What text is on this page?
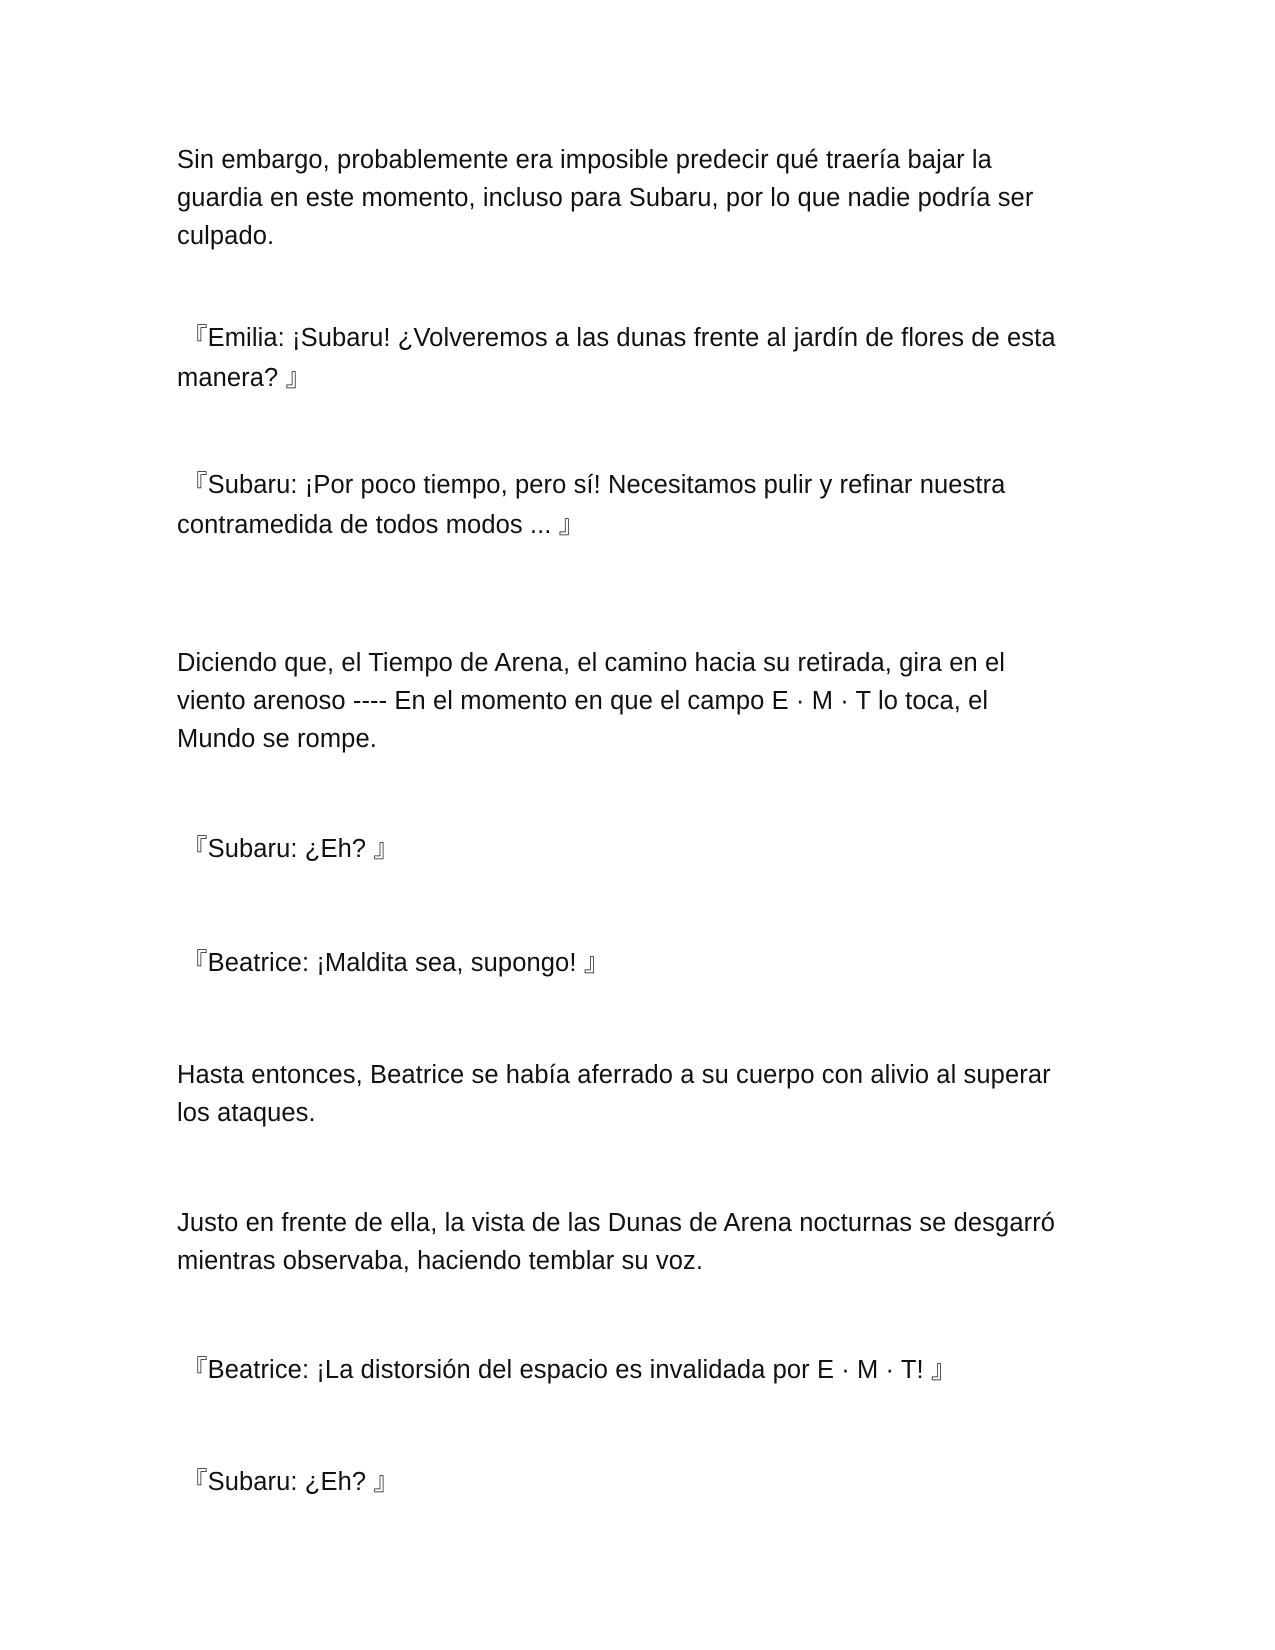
Sin embargo, probablemente era imposible predecir qué traería bajar la
guardia en este momento, incluso para Subaru, por lo que nadie podría ser
culpado.

『Emilia: ¡Subaru! ¿Volveremos a las dunas frente al jardín de flores de esta
manera? 』

『Subaru: ¡Por poco tiempo, pero sí! Necesitamos pulir y refinar nuestra
contramedida de todos modos ... 』

Diciendo que, el Tiempo de Arena, el camino hacia su retirada, gira en el
viento arenoso ---- En el momento en que el campo E · M · T lo toca, el
Mundo se rompe.

『Subaru: ¿Eh? 』

『Beatrice: ¡Maldita sea, supongo! 』

Hasta entonces, Beatrice se había aferrado a su cuerpo con alivio al superar
los ataques.

Justo en frente de ella, la vista de las Dunas de Arena nocturnas se desgarró
mientras observaba, haciendo temblar su voz.

『Beatrice: ¡La distorsión del espacio es invalidada por E · M · T! 』

『Subaru: ¿Eh? 』
